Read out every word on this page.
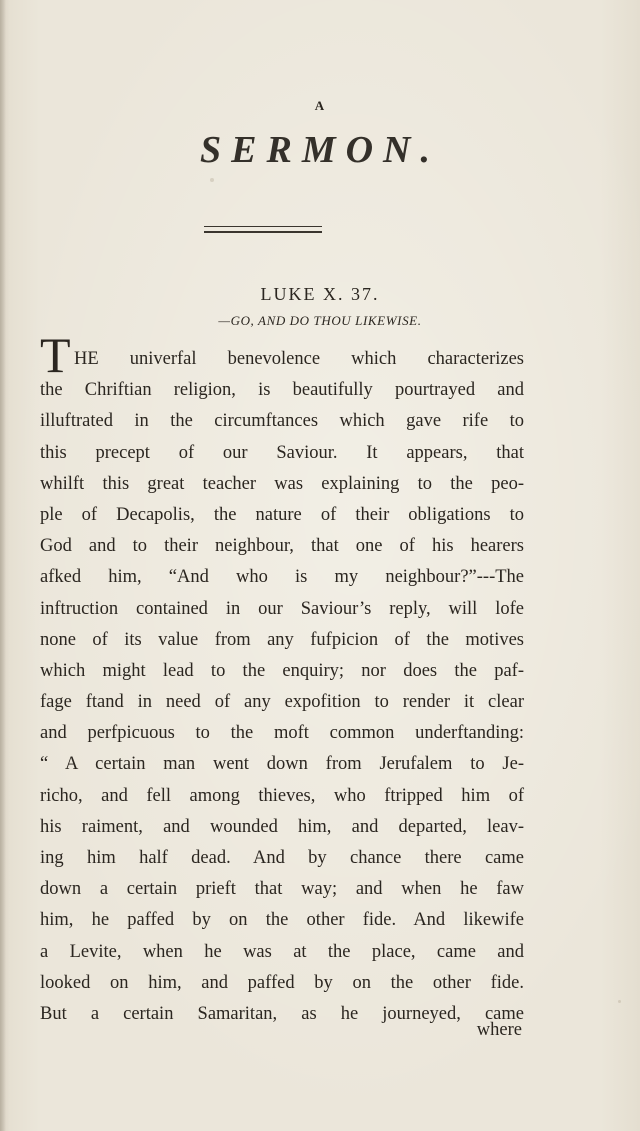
A
SERMON.
LUKE X. 37.
—GO, AND DO THOU LIKEWISE.
T HE univerfal benevolence which characterizes
the Chriftian religion, is beautifully pourtrayed and
illuftrated in the circumftances which gave rife to
this precept of our Saviour. It appears, that
whilft this great teacher was explaining to the peo-
ple of Decapolis, the nature of their obligations to
God and to their neighbour, that one of his hearers
afked him, “And who is my neighbour?”---The
inftruction contained in our Saviour’s reply, will lofe
none of its value from any fufpicion of the motives
which might lead to the enquiry; nor does the paf-
fage ftand in need of any expofition to render it clear
and perfpicuous to the moft common underftanding:
“ A certain man went down from Jerufalem to Je-
richo, and fell among thieves, who ftripped him of
his raiment, and wounded him, and departed, leav-
ing him half dead. And by chance there came
down a certain prieft that way; and when he faw
him, he paffed by on the other fide. And likewife
a Levite, when he was at the place, came and
looked on him, and paffed by on the other fide.
But a certain Samaritan, as he journeyed, came
where
